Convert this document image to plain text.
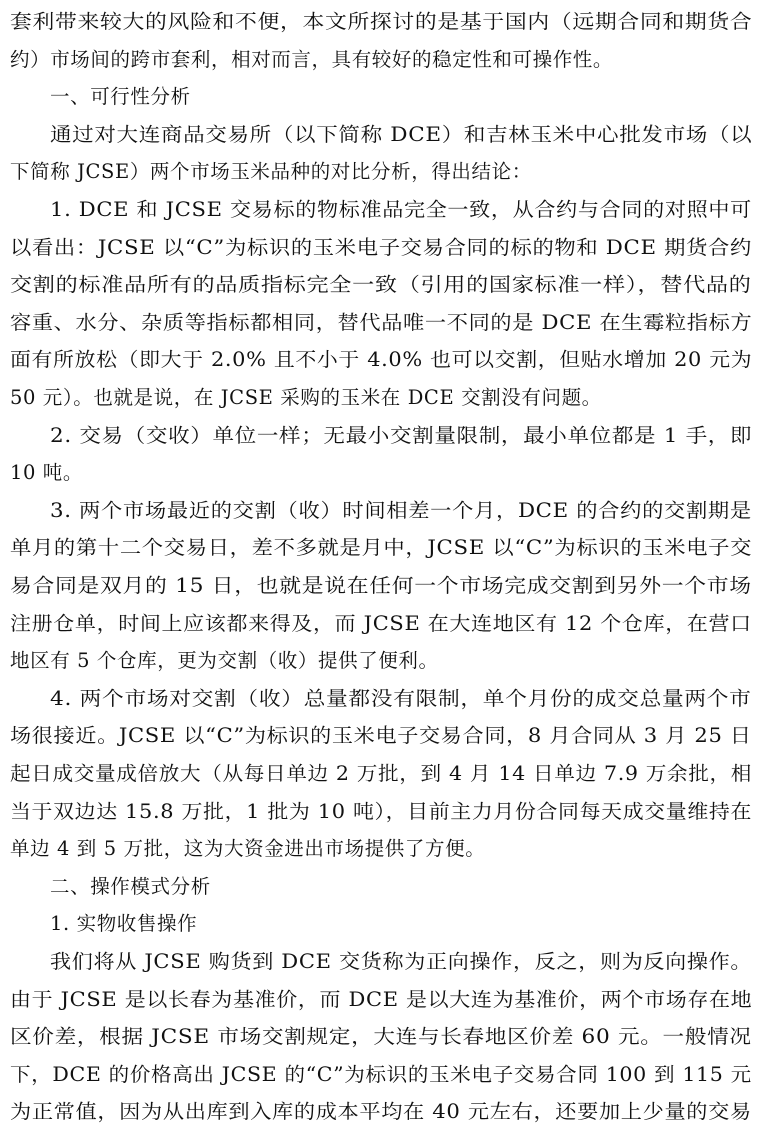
套利带来较大的风险和不便，本文所探讨的是基于国内（远期合同和期货合
约）市场间的跨市套利，相对而言，具有较好的稳定性和可操作性。
一、可行性分析
通过对大连商品交易所（以下简称 DCE）和吉林玉米中心批发市场（以
下简称 JCSE）两个市场玉米品种的对比分析，得出结论：
1. DCE 和 JCSE 交易标的物标准品完全一致，从合约与合同的对照中可
以看出：JCSE 以“C”为标识的玉米电子交易合同的标的物和 DCE 期货合约
交割的标准品所有的品质指标完全一致（引用的国家标准一样），替代品的
容重、水分、杂质等指标都相同，替代品唯一不同的是 DCE 在生霉粒指标方
面有所放松（即大于 2.0% 且不小于 4.0% 也可以交割，但贴水增加 20 元为
50 元）。也就是说，在 JCSE 采购的玉米在 DCE 交割没有问题。
2. 交易（交收）单位一样；无最小交割量限制，最小单位都是 1 手，即
10 吨。
3. 两个市场最近的交割（收）时间相差一个月，DCE 的合约的交割期是
单月的第十二个交易日，差不多就是月中，JCSE 以“C”为标识的玉米电子交
易合同是双月的 15 日，也就是说在任何一个市场完成交割到另外一个市场
注册仓单，时间上应该都来得及，而 JCSE 在大连地区有 12 个仓库，在营口
地区有 5 个仓库，更为交割（收）提供了便利。
4. 两个市场对交割（收）总量都没有限制，单个月份的成交总量两个市
场很接近。JCSE 以“C”为标识的玉米电子交易合同，8 月合同从 3 月 25 日
起日成交量成倍放大（从每日单边 2 万批，到 4 月 14 日单边 7.9 万余批，相
当于双边达 15.8 万批，1 批为 10 吨），目前主力月份合同每天成交量维持在
单边 4 到 5 万批，这为大资金进出市场提供了方便。
二、操作模式分析
1. 实物收售操作
我们将从 JCSE 购货到 DCE 交货称为正向操作，反之，则为反向操作。
由于 JCSE 是以长春为基准价，而 DCE 是以大连为基准价，两个市场存在地
区价差，根据 JCSE 市场交割规定，大连与长春地区价差 60 元。一般情况
下，DCE 的价格高出 JCSE 的“C”为标识的玉米电子交易合同 100 到 115 元
为正常值，因为从出库到入库的成本平均在 40 元左右，还要加上少量的交易
